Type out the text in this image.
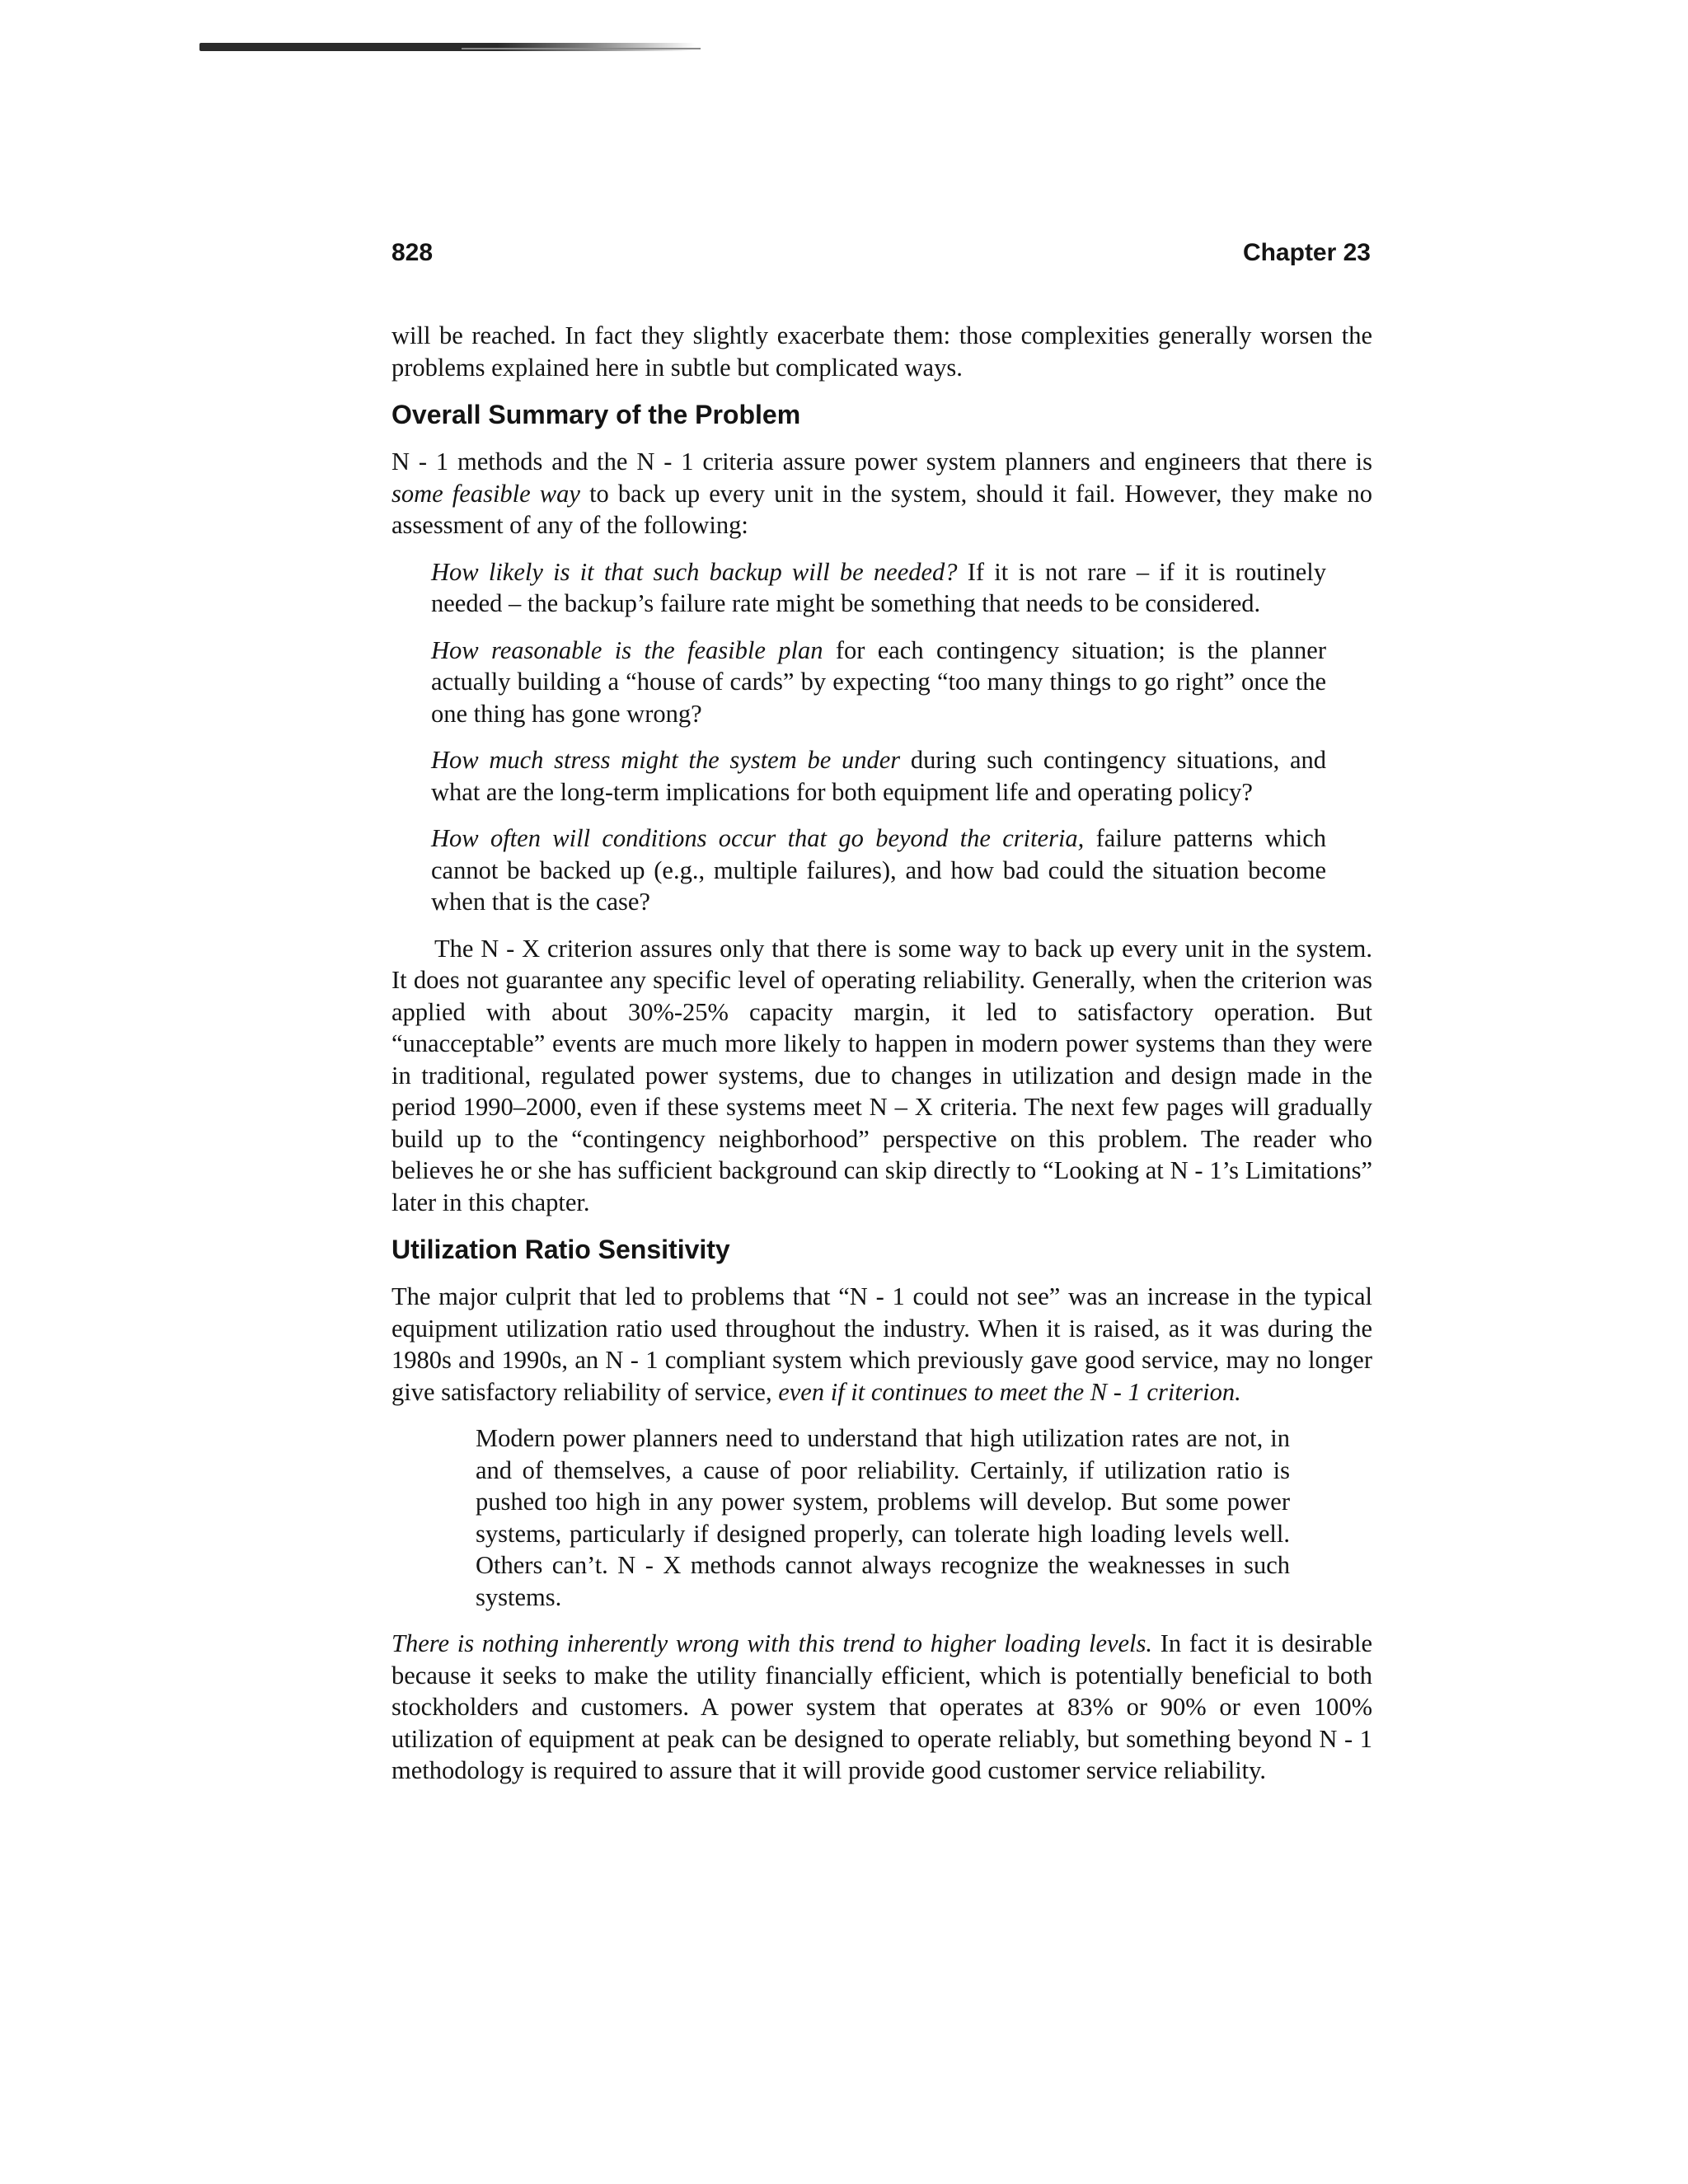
828	Chapter 23

will be reached. In fact they slightly exacerbate them: those complexities generally worsen the problems explained here in subtle but complicated ways.

Overall Summary of the Problem

N - 1 methods and the N - 1 criteria assure power system planners and engineers that there is some feasible way to back up every unit in the system, should it fail. However, they make no assessment of any of the following:

How likely is it that such backup will be needed? If it is not rare – if it is routinely needed – the backup’s failure rate might be something that needs to be considered.

How reasonable is the feasible plan for each contingency situation; is the planner actually building a “house of cards” by expecting “too many things to go right” once the one thing has gone wrong?

How much stress might the system be under during such contingency situations, and what are the long-term implications for both equipment life and operating policy?

How often will conditions occur that go beyond the criteria, failure patterns which cannot be backed up (e.g., multiple failures), and how bad could the situation become when that is the case?

The N - X criterion assures only that there is some way to back up every unit in the system. It does not guarantee any specific level of operating reliability. Generally, when the criterion was applied with about 30%-25% capacity margin, it led to satisfactory operation. But “unacceptable” events are much more likely to happen in modern power systems than they were in traditional, regulated power systems, due to changes in utilization and design made in the period 1990–2000, even if these systems meet N – X criteria. The next few pages will gradually build up to the “contingency neighborhood” perspective on this problem. The reader who believes he or she has sufficient background can skip directly to “Looking at N - 1’s Limitations” later in this chapter.

Utilization Ratio Sensitivity

The major culprit that led to problems that “N - 1 could not see” was an increase in the typical equipment utilization ratio used throughout the industry. When it is raised, as it was during the 1980s and 1990s, an N - 1 compliant system which previously gave good service, may no longer give satisfactory reliability of service, even if it continues to meet the N - 1 criterion.

Modern power planners need to understand that high utilization rates are not, in and of themselves, a cause of poor reliability. Certainly, if utilization ratio is pushed too high in any power system, problems will develop. But some power systems, particularly if designed properly, can tolerate high loading levels well. Others can’t. N - X methods cannot always recognize the weaknesses in such systems.

There is nothing inherently wrong with this trend to higher loading levels. In fact it is desirable because it seeks to make the utility financially efficient, which is potentially beneficial to both stockholders and customers. A power system that operates at 83% or 90% or even 100% utilization of equipment at peak can be designed to operate reliably, but something beyond N - 1 methodology is required to assure that it will provide good customer service reliability.
